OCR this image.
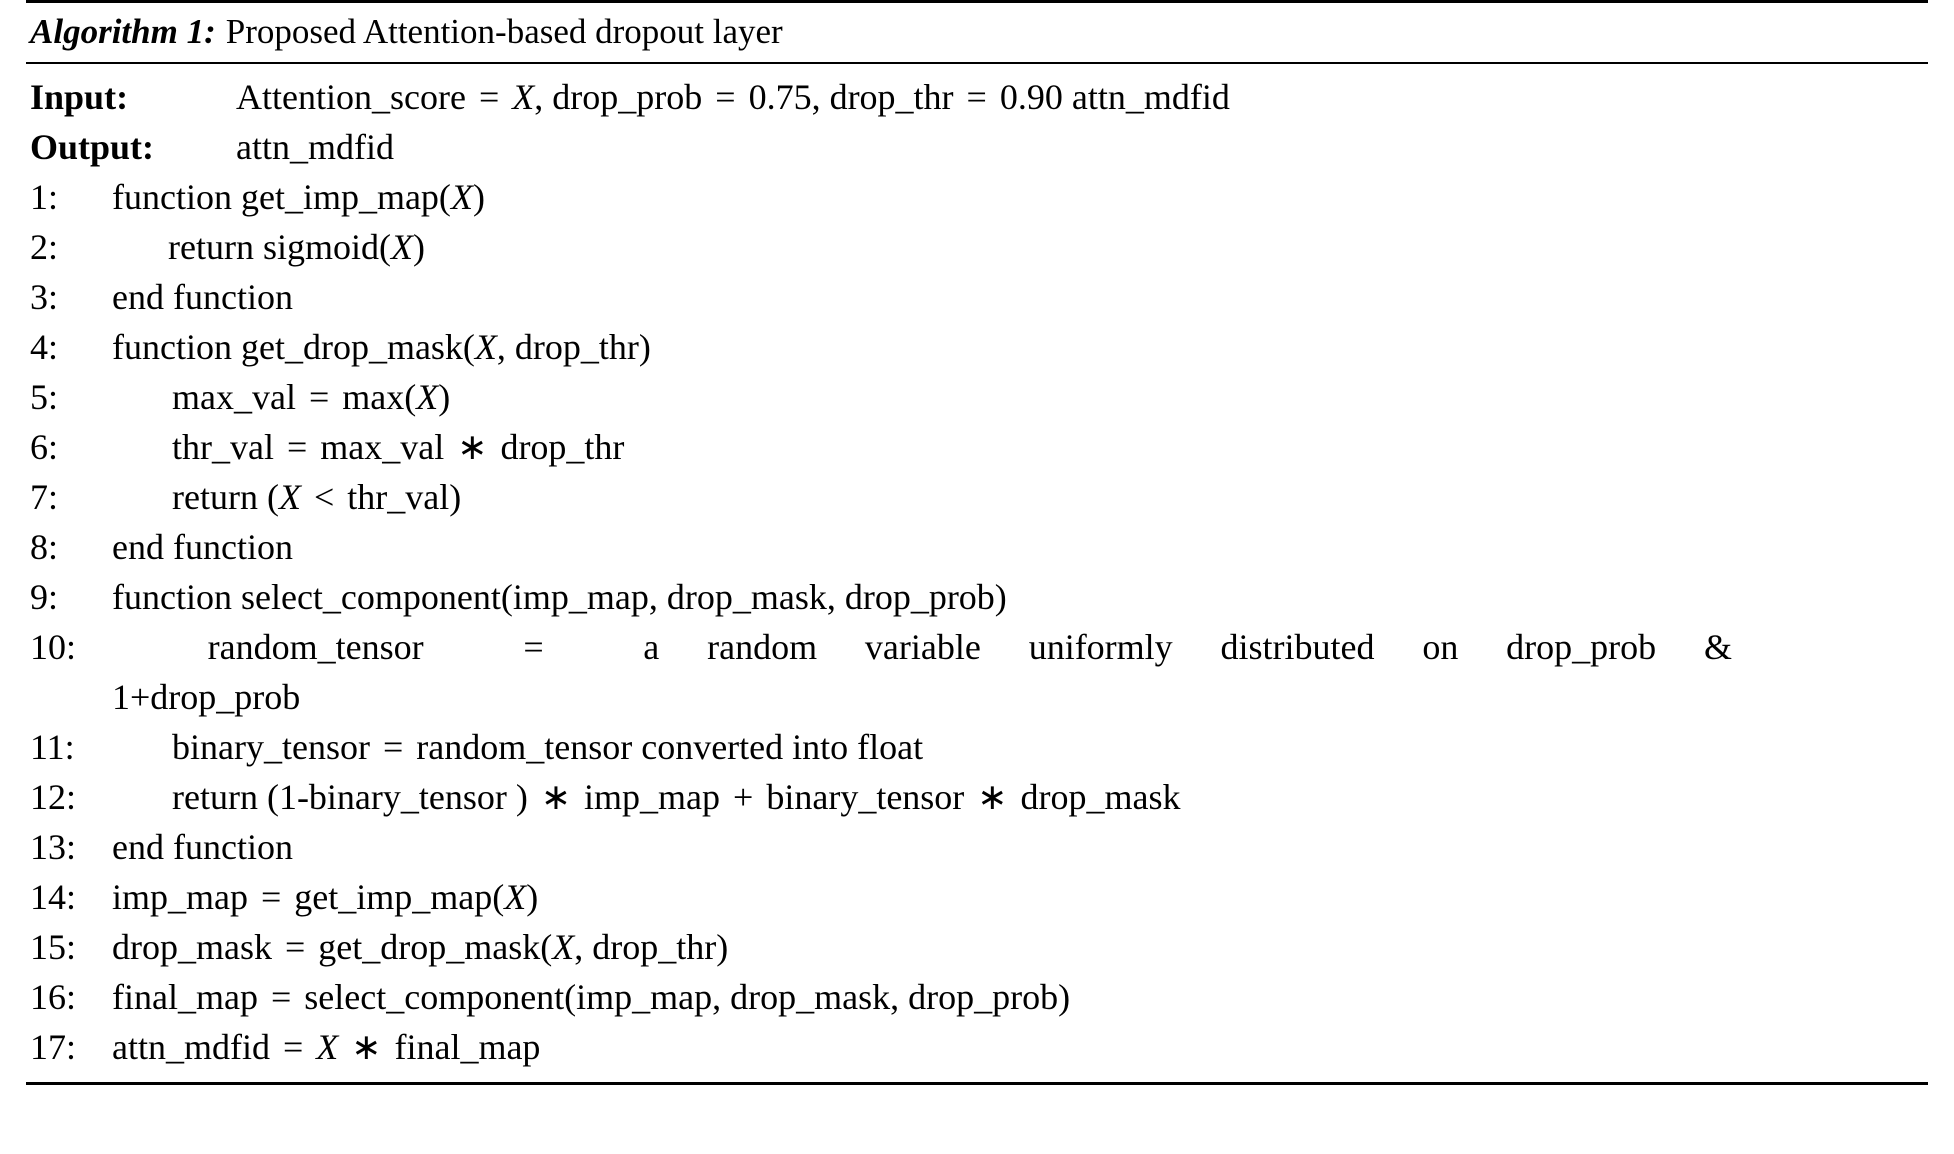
Algorithm 1: Proposed Attention-based dropout layer
Input:	Attention_score = X, drop_prob = 0.75, drop_thr = 0.90 attn_mdfid
Output:	attn_mdfid
1:	function get_imp_map(X)
2:	return sigmoid(X)
3:	end function
4:	function get_drop_mask(X, drop_thr)
5:	max_val = max(X)
6:	thr_val = max_val ∗ drop_thr
7:	return (X < thr_val)
8:	end function
9:	function select_component(imp_map, drop_mask, drop_prob)
10: random_tensor  =  a random variable uniformly distributed on drop_prob &
1+drop_prob
11:	binary_tensor = random_tensor converted into float
12:	return (1-binary_tensor ) ∗ imp_map + binary_tensor ∗ drop_mask
13: end function
14: imp_map = get_imp_map(X)
15: drop_mask = get_drop_mask(X, drop_thr)
16: final_map = select_component(imp_map, drop_mask, drop_prob)
17: attn_mdfid = X ∗ final_map
